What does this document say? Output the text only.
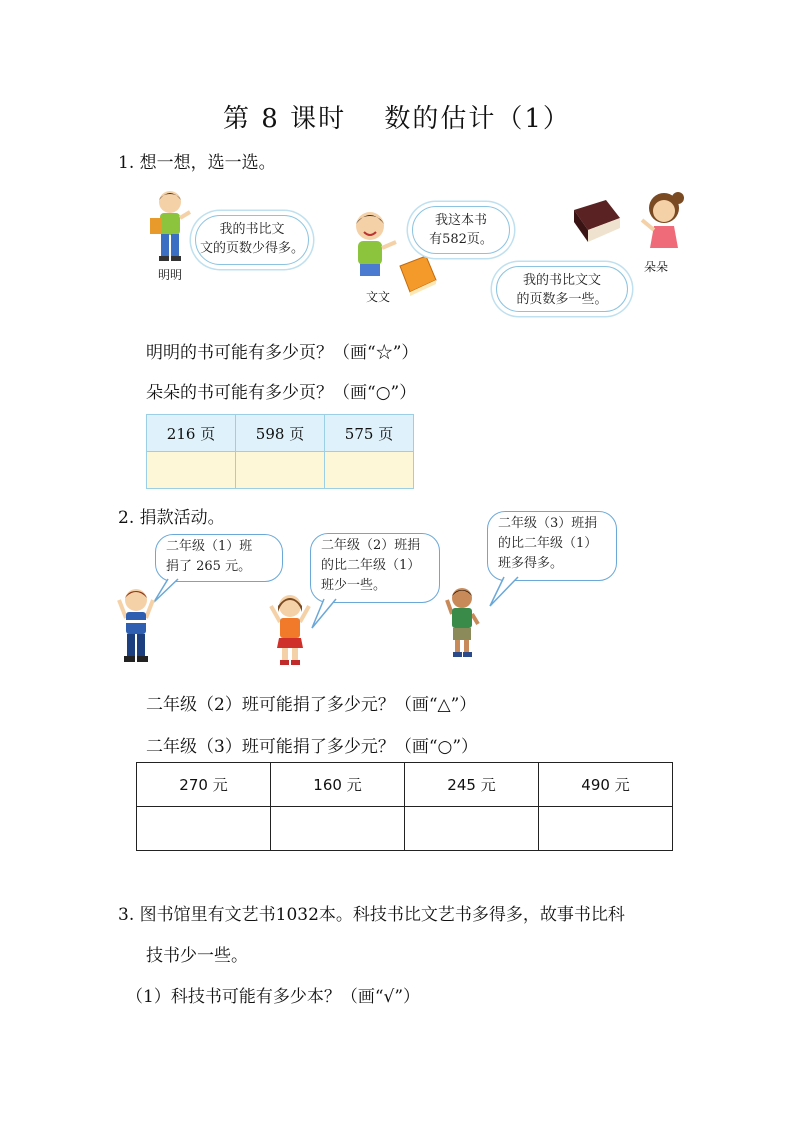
第 8 课时　 数的估计（1）
1. 想一想，选一选。
明明
我的书比文
文的页数少得多。
文文
我这本书
有582页。
朵朵
我的书比文文
的页数多一些。
明明的书可能有多少页？（画“☆”）
朵朵的书可能有多少页？（画“○”）
216 页	598 页	575 页

2. 捐款活动。
二年级（1）班
捐了 265 元。
二年级（2）班捐
的比二年级（1）
班少一些。
二年级（3）班捐
的比二年级（1）
班多得多。
二年级（2）班可能捐了多少元？（画“△”）
二年级（3）班可能捐了多少元？（画“○”）
270 元	160 元	245 元	490 元

3. 图书馆里有文艺书1032本。科技书比文艺书多得多，故事书比科
技书少一些。
（1）科技书可能有多少本？（画“√”）
